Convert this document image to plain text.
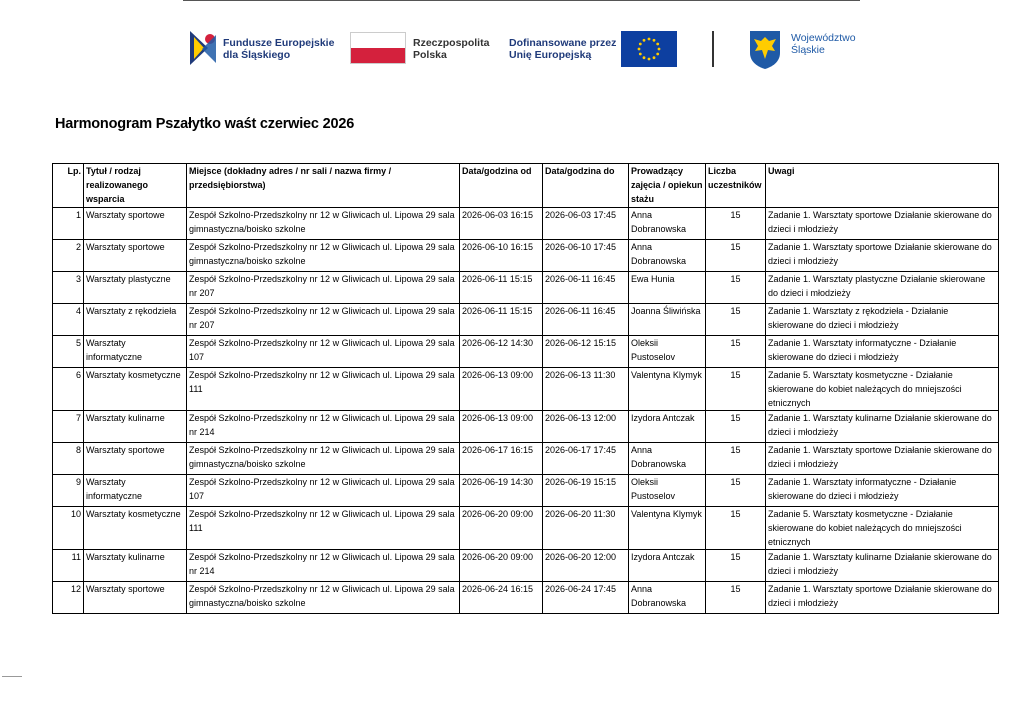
Fundusze Europejskie
dla Śląskiego
Rzeczpospolita
Polska
Dofinansowane przez
Unię Europejską
Województwo
Śląskie
Harmonogram Pszałytko waśt czerwiec 2026
Lp.	Tytuł / rodzaj realizowanego wsparcia	Miejsce (dokładny adres / nr sali / nazwa firmy / przedsiębiorstwa)	Data/godzina od	Data/godzina do	Prowadzący zajęcia / opiekun stażu	Liczba uczestników	Uwagi
1	Warsztaty sportowe	Zespół Szkolno-Przedszkolny nr 12 w Gliwicach ul. Lipowa 29 sala gimnastyczna/boisko szkolne	2026-06-03 16:15	2026-06-03 17:45	Anna Dobranowska	15	Zadanie 1. Warsztaty sportowe Działanie skierowane do dzieci i młodzieży
2	Warsztaty sportowe	Zespół Szkolno-Przedszkolny nr 12 w Gliwicach ul. Lipowa 29 sala gimnastyczna/boisko szkolne	2026-06-10 16:15	2026-06-10 17:45	Anna Dobranowska	15	Zadanie 1. Warsztaty sportowe Działanie skierowane do dzieci i młodzieży
3	Warsztaty plastyczne	Zespół Szkolno-Przedszkolny nr 12 w Gliwicach ul. Lipowa 29 sala nr 207	2026-06-11 15:15	2026-06-11 16:45	Ewa Hunia	15	Zadanie 1. Warsztaty plastyczne Działanie skierowane do dzieci i młodzieży
4	Warsztaty z rękodzieła	Zespół Szkolno-Przedszkolny nr 12 w Gliwicach ul. Lipowa 29 sala nr 207	2026-06-11 15:15	2026-06-11 16:45	Joanna Śliwińska	15	Zadanie 1. Warsztaty z rękodzieła - Działanie skierowane do dzieci i młodzieży
5	Warsztaty informatyczne	Zespół Szkolno-Przedszkolny nr 12 w Gliwicach ul. Lipowa 29 sala 107	2026-06-12 14:30	2026-06-12 15:15	Oleksii Pustoselov	15	Zadanie 1. Warsztaty informatyczne - Działanie skierowane do dzieci i młodzieży
6	Warsztaty kosmetyczne	Zespół Szkolno-Przedszkolny nr 12 w Gliwicach ul. Lipowa 29 sala 111	2026-06-13 09:00	2026-06-13 11:30	Valentyna Klymyk	15	Zadanie 5. Warsztaty kosmetyczne - Działanie skierowane do kobiet należących do mniejszości etnicznych
7	Warsztaty kulinarne	Zespół Szkolno-Przedszkolny nr 12 w Gliwicach ul. Lipowa 29 sala nr 214	2026-06-13 09:00	2026-06-13 12:00	Izydora Antczak	15	Zadanie 1. Warsztaty kulinarne Działanie skierowane do dzieci i młodzieży
8	Warsztaty sportowe	Zespół Szkolno-Przedszkolny nr 12 w Gliwicach ul. Lipowa 29 sala gimnastyczna/boisko szkolne	2026-06-17 16:15	2026-06-17 17:45	Anna Dobranowska	15	Zadanie 1. Warsztaty sportowe Działanie skierowane do dzieci i młodzieży
9	Warsztaty informatyczne	Zespół Szkolno-Przedszkolny nr 12 w Gliwicach ul. Lipowa 29 sala 107	2026-06-19 14:30	2026-06-19 15:15	Oleksii Pustoselov	15	Zadanie 1. Warsztaty informatyczne - Działanie skierowane do dzieci i młodzieży
10	Warsztaty kosmetyczne	Zespół Szkolno-Przedszkolny nr 12 w Gliwicach ul. Lipowa 29 sala 111	2026-06-20 09:00	2026-06-20 11:30	Valentyna Klymyk	15	Zadanie 5. Warsztaty kosmetyczne - Działanie skierowane do kobiet należących do mniejszości etnicznych
11	Warsztaty kulinarne	Zespół Szkolno-Przedszkolny nr 12 w Gliwicach ul. Lipowa 29 sala nr 214	2026-06-20 09:00	2026-06-20 12:00	Izydora Antczak	15	Zadanie 1. Warsztaty kulinarne Działanie skierowane do dzieci i młodzieży
12	Warsztaty sportowe	Zespół Szkolno-Przedszkolny nr 12 w Gliwicach ul. Lipowa 29 sala gimnastyczna/boisko szkolne	2026-06-24 16:15	2026-06-24 17:45	Anna Dobranowska	15	Zadanie 1. Warsztaty sportowe Działanie skierowane do dzieci i młodzieży
